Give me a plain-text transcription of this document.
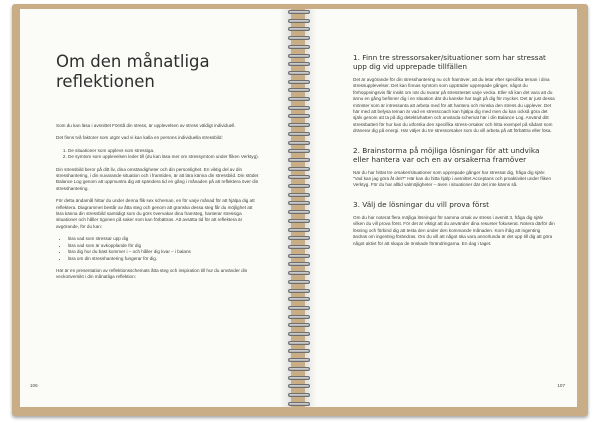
Om den månatliga reflektionen

Som du kan läsa i avsnittet Förstå din stress, är upplevelsen av stress väldigt individuell.

Det finns två faktorer som utgör vad vi kan kalla en persons individuella stressbild:

1. De situationer som upplevs som stressiga.
2. De symtom som upplevelsen leder till (du kan läsa mer om stressymtom under fliken Verktyg).

Din stressbild beror på ditt liv, dina omständigheter och din personlighet. En viktig del av din stresshantering, i din nuvarande situation och i framtiden, är att lära känna din stressbild. Din stödet Balance Log genom att uppmuntra dig att spändera tid en gång i månaden på att reflektera över din stresshantering.

För detta ändamål hittar du under denna flik sex scheman, en för varje månad för att hjälpa dig att reflektera. Diagrammet består av åtta steg och genom att granska dessa steg får du möjlighet att lära känna din stressbild samtidigt som du görs övervakar dina framsteg, hanterar stressiga situationer och håller ögonen på saker som kan förbättras. Att avsätta tid för att reflektera är avgörande, för du kan:

• lära vad som stressar upp dig
• lära vad som är avkopplande för dig
• lära dig hur du bäst kommer i – och håller dig kvar – i balans
• lära om din stresshantering fungerar för dig.

Här är en presentation av reflektionsschemats åtta steg och inspiration till hur du använder din veckoöversikt i din månatliga reflektion:

106
1. Finn tre stressorsaker/situationer som har stressat upp dig vid upprepade tillfällen

Det är avgörande för din stresshantering nu och framöver, att du letar efter specifika teman i dina stressupplevelser. Det kan finnas symtom som uppträder upprepade gånger, något du förhoppningsvis får insikt om när du svarar på stresstestet varje vecka. Eller så kan det vara att du ännu en gång befinner dig i en situation där du kanske har tagit på dig för mycket. Det är just dessa mönster som är intressanta att arbeta med för att hantera och minska den stress du upplever. Det här med att belysa teman är vad en stresscoach kan hjälpa dig med men du kan också göra det själv genom att ta på dig detektivhatten och använda schemat här i din Balance Log. Använd ditt stressbatteri för hur kan du utforska den specifika stress-orsaker och hitta exempel på sådant som dränerar dig på energi. Här väljer du tre stressorsaker som du vill arbeta på att förbättra eller lösa.

2. Brainstorma på möjliga lösningar för att undvika eller hantera var och en av orsakerna framöver

När du har hittat tre orsaker/situationer som upprepade gånger har stressat dig, fråga dig själv: "Vad kan jag göra åt det?" Här kan du hitta hjälp i avsnittet Acceptans och proaktivitet under fliken Verktyg. För du har alltid valmöjligheter – även i situationer där det inte känns så.

3. Välj de lösningar du vill prova först

Om du har noterat flera möjliga lösningar för samma orsak av stress i avsnitt 3, fråga dig själv vilken du vill prova först. För det är viktigt att du använder dina resurser fokuserat. Notera därför din lösning och förbind dig att testa den under den kommande månaden. Kom ihåg att ingenting ändras om ingenting förändras. Om du vill att något ska vara annorlunda är det upp till dig att göra något aktivt för att skapa de önskade förändringarna. En dag i taget.

107
